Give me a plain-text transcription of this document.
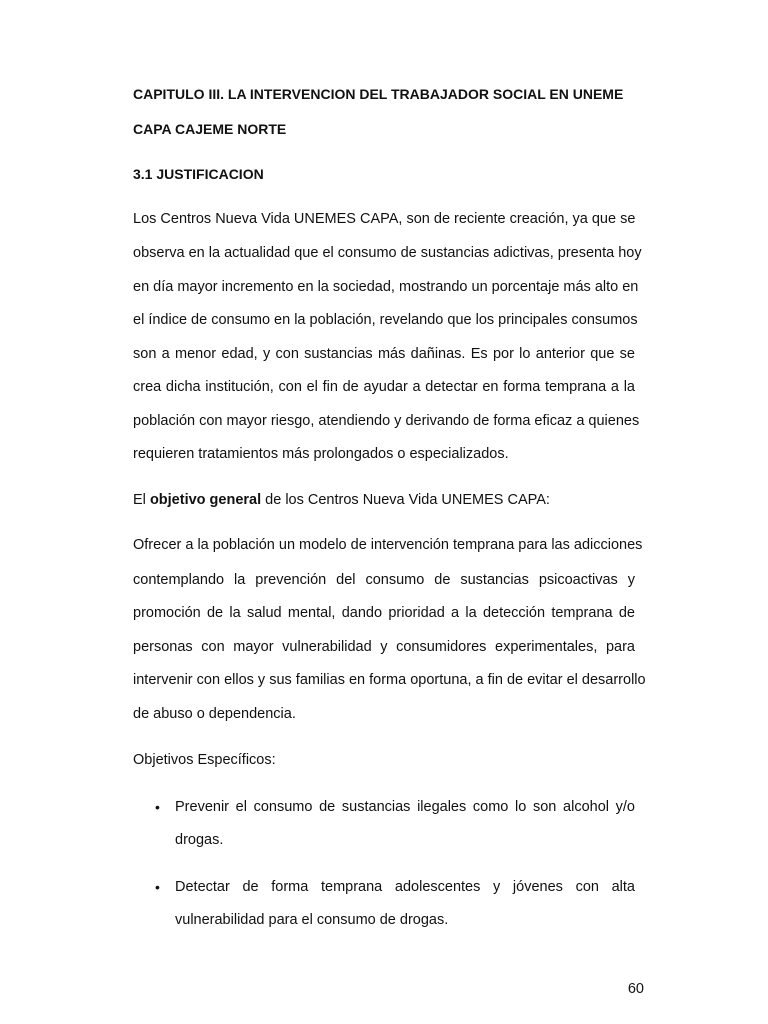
CAPITULO III. LA INTERVENCION DEL TRABAJADOR SOCIAL EN UNEME

CAPA CAJEME NORTE

3.1 JUSTIFICACION

Los Centros Nueva Vida UNEMES CAPA, son de reciente creación, ya que se

observa en la actualidad que el consumo de sustancias adictivas, presenta hoy

en día mayor incremento en la sociedad, mostrando un porcentaje más alto en

el índice de consumo en la población, revelando que los principales consumos

son a menor edad, y con sustancias más dañinas. Es por lo anterior que se

crea dicha institución, con el fin de ayudar a detectar en forma temprana a la

población con mayor riesgo, atendiendo y derivando de forma eficaz a quienes

requieren tratamientos más prolongados o especializados.

El objetivo general de los Centros Nueva Vida UNEMES CAPA:

Ofrecer a la población un modelo de intervención temprana para las adicciones

contemplando la prevención del consumo de sustancias psicoactivas y

promoción de la salud mental, dando prioridad a la detección temprana de

personas con mayor vulnerabilidad y consumidores experimentales, para

intervenir con ellos y sus familias en forma oportuna, a fin de evitar el desarrollo

de abuso o dependencia.

Objetivos Específicos:

•	Prevenir el consumo de sustancias ilegales como lo son alcohol y/o

drogas.

•	Detectar de forma temprana adolescentes y jóvenes con alta

vulnerabilidad para el consumo de drogas.

60
